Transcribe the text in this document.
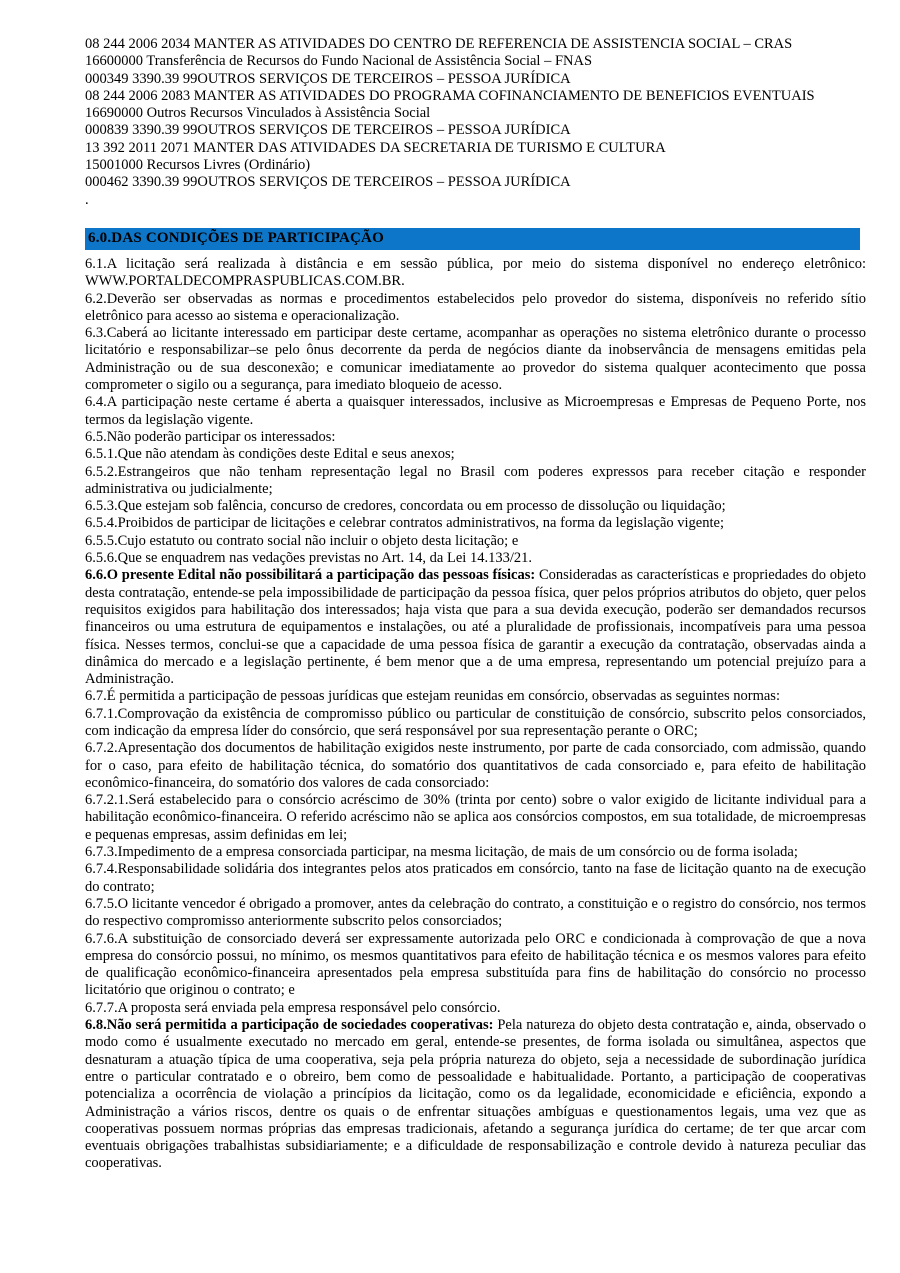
08 244 2006 2034 MANTER AS ATIVIDADES DO CENTRO DE REFERENCIA DE ASSISTENCIA SOCIAL – CRAS
16600000 Transferência de Recursos do Fundo Nacional de Assistência Social – FNAS
000349 3390.39 99OUTROS SERVIÇOS DE TERCEIROS – PESSOA JURÍDICA
08 244 2006 2083 MANTER AS ATIVIDADES DO PROGRAMA COFINANCIAMENTO DE BENEFICIOS EVENTUAIS
16690000 Outros Recursos Vinculados à Assistência Social
000839 3390.39 99OUTROS SERVIÇOS DE TERCEIROS – PESSOA JURÍDICA
13 392 2011 2071 MANTER DAS ATIVIDADES DA SECRETARIA DE TURISMO E CULTURA
15001000 Recursos Livres (Ordinário)
000462 3390.39 99OUTROS SERVIÇOS DE TERCEIROS – PESSOA JURÍDICA
.
6.0.DAS CONDIÇÕES DE PARTICIPAÇÃO

6.1.A licitação será realizada à distância e em sessão pública, por meio do sistema disponível no endereço eletrônico: WWW.PORTALDECOMPRASPUBLICAS.COM.BR.

6.2.Deverão ser observadas as normas e procedimentos estabelecidos pelo provedor do sistema, disponíveis no referido sítio eletrônico para acesso ao sistema e operacionalização.

6.3.Caberá ao licitante interessado em participar deste certame, acompanhar as operações no sistema eletrônico durante o processo licitatório e responsabilizar–se pelo ônus decorrente da perda de negócios diante da inobservância de mensagens emitidas pela Administração ou de sua desconexão; e comunicar imediatamente ao provedor do sistema qualquer acontecimento que possa comprometer o sigilo ou a segurança, para imediato bloqueio de acesso.

6.4.A participação neste certame é aberta a quaisquer interessados, inclusive as Microempresas e Empresas de Pequeno Porte, nos termos da legislação vigente.

6.5.Não poderão participar os interessados:

6.5.1.Que não atendam às condições deste Edital e seus anexos;

6.5.2.Estrangeiros que não tenham representação legal no Brasil com poderes expressos para receber citação e responder administrativa ou judicialmente;

6.5.3.Que estejam sob falência, concurso de credores, concordata ou em processo de dissolução ou liquidação;

6.5.4.Proibidos de participar de licitações e celebrar contratos administrativos, na forma da legislação vigente;

6.5.5.Cujo estatuto ou contrato social não incluir o objeto desta licitação; e

6.5.6.Que se enquadrem nas vedações previstas no Art. 14, da Lei 14.133/21.

6.6.O presente Edital não possibilitará a participação das pessoas físicas: Consideradas as características e propriedades do objeto desta contratação, entende-se pela impossibilidade de participação da pessoa física, quer pelos próprios atributos do objeto, quer pelos requisitos exigidos para habilitação dos interessados; haja vista que para a sua devida execução, poderão ser demandados recursos financeiros ou uma estrutura de equipamentos e instalações, ou até a pluralidade de profissionais, incompatíveis para uma pessoa física. Nesses termos, conclui-se que a capacidade de uma pessoa física de garantir a execução da contratação, observadas ainda a dinâmica do mercado e a legislação pertinente, é bem menor que a de uma empresa, representando um potencial prejuízo para a Administração.

6.7.É permitida a participação de pessoas jurídicas que estejam reunidas em consórcio, observadas as seguintes normas:

6.7.1.Comprovação da existência de compromisso público ou particular de constituição de consórcio, subscrito pelos consorciados, com indicação da empresa líder do consórcio, que será responsável por sua representação perante o ORC;

6.7.2.Apresentação dos documentos de habilitação exigidos neste instrumento, por parte de cada consorciado, com admissão, quando for o caso, para efeito de habilitação técnica, do somatório dos quantitativos de cada consorciado e, para efeito de habilitação econômico-financeira, do somatório dos valores de cada consorciado:

6.7.2.1.Será estabelecido para o consórcio acréscimo de 30% (trinta por cento) sobre o valor exigido de licitante individual para a habilitação econômico-financeira. O referido acréscimo não se aplica aos consórcios compostos, em sua totalidade, de microempresas e pequenas empresas, assim definidas em lei;

6.7.3.Impedimento de a empresa consorciada participar, na mesma licitação, de mais de um consórcio ou de forma isolada;

6.7.4.Responsabilidade solidária dos integrantes pelos atos praticados em consórcio, tanto na fase de licitação quanto na de execução do contrato;

6.7.5.O licitante vencedor é obrigado a promover, antes da celebração do contrato, a constituição e o registro do consórcio, nos termos do respectivo compromisso anteriormente subscrito pelos consorciados;

6.7.6.A substituição de consorciado deverá ser expressamente autorizada pelo ORC e condicionada à comprovação de que a nova empresa do consórcio possui, no mínimo, os mesmos quantitativos para efeito de habilitação técnica e os mesmos valores para efeito de qualificação econômico-financeira apresentados pela empresa substituída para fins de habilitação do consórcio no processo licitatório que originou o contrato; e

6.7.7.A proposta será enviada pela empresa responsável pelo consórcio.

6.8.Não será permitida a participação de sociedades cooperativas: Pela natureza do objeto desta contratação e, ainda, observado o modo como é usualmente executado no mercado em geral, entende-se presentes, de forma isolada ou simultânea, aspectos que desnaturam a atuação típica de uma cooperativa, seja pela própria natureza do objeto, seja a necessidade de subordinação jurídica entre o particular contratado e o obreiro, bem como de pessoalidade e habitualidade. Portanto, a participação de cooperativas potencializa a ocorrência de violação a princípios da licitação, como os da legalidade, economicidade e eficiência, expondo a Administração a vários riscos, dentre os quais o de enfrentar situações ambíguas e questionamentos legais, uma vez que as cooperativas possuem normas próprias das empresas tradicionais, afetando a segurança jurídica do certame; de ter que arcar com eventuais obrigações trabalhistas subsidiariamente; e a dificuldade de responsabilização e controle devido à natureza peculiar das cooperativas.
